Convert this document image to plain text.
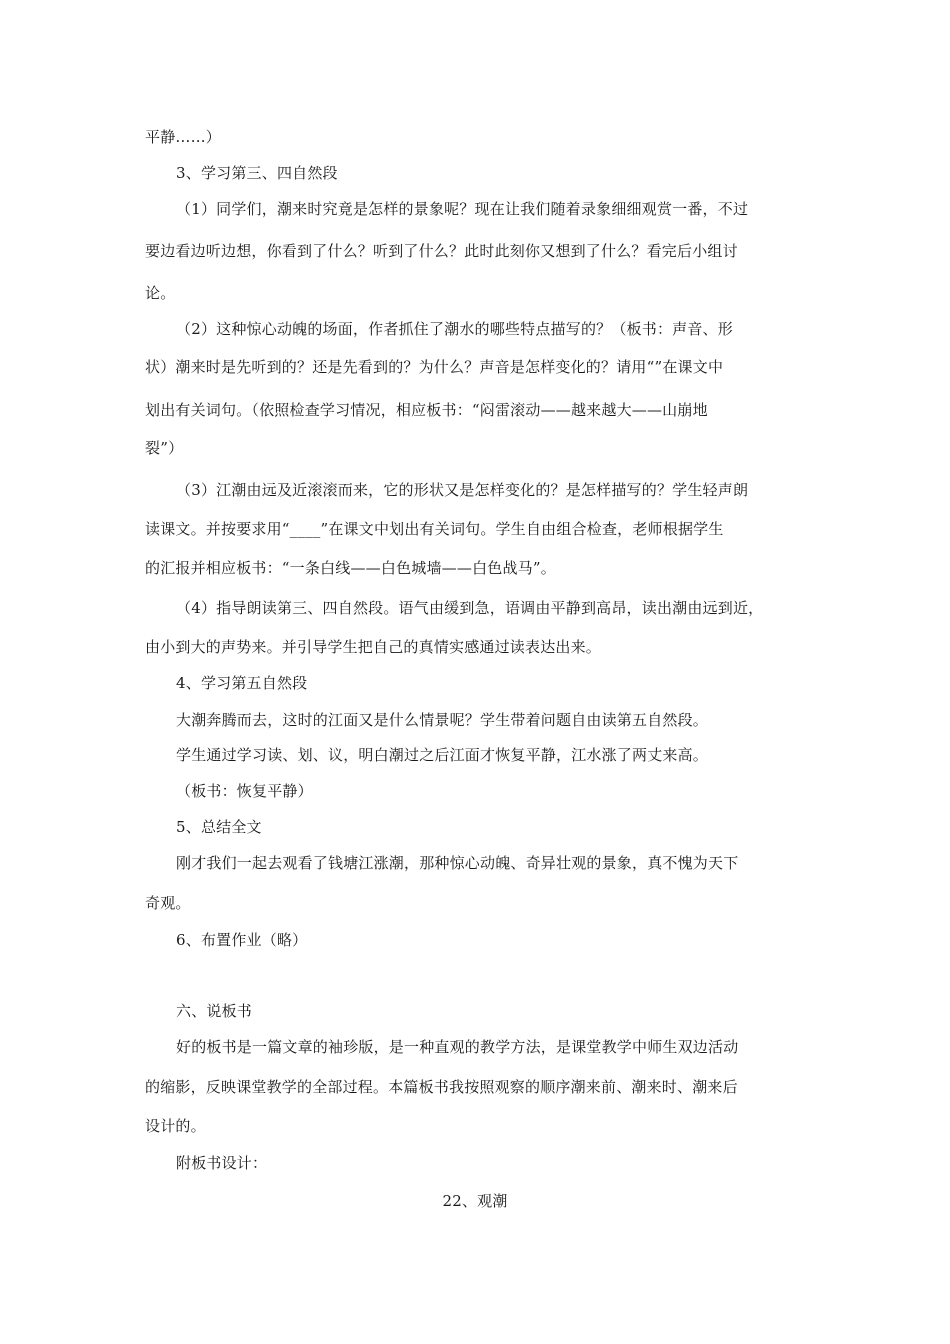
平静……）
3、学习第三、四自然段
（1）同学们，潮来时究竟是怎样的景象呢？现在让我们随着录象细细观赏一番，不过
要边看边听边想，你看到了什么？听到了什么？此时此刻你又想到了什么？看完后小组讨
论。
（2）这种惊心动魄的场面，作者抓住了潮水的哪些特点描写的？（板书：声音、形
状）潮来时是先听到的？还是先看到的？为什么？声音是怎样变化的？请用“”在课文中
划出有关词句。（依照检查学习情况，相应板书：“闷雷滚动——越来越大——山崩地
裂”）
（3）江潮由远及近滚滚而来，它的形状又是怎样变化的？是怎样描写的？学生轻声朗
读课文。并按要求用“____”在课文中划出有关词句。学生自由组合检查，老师根据学生
的汇报并相应板书：“一条白线——白色城墙——白色战马”。
（4）指导朗读第三、四自然段。语气由缓到急，语调由平静到高昂，读出潮由远到近，
由小到大的声势来。并引导学生把自己的真情实感通过读表达出来。
4、学习第五自然段
大潮奔腾而去，这时的江面又是什么情景呢？学生带着问题自由读第五自然段。
学生通过学习读、划、议，明白潮过之后江面才恢复平静，江水涨了两丈来高。
（板书：恢复平静）
5、总结全文
刚才我们一起去观看了钱塘江涨潮，那种惊心动魄、奇异壮观的景象，真不愧为天下
奇观。
6、布置作业（略）
六、说板书
好的板书是一篇文章的袖珍版，是一种直观的教学方法，是课堂教学中师生双边活动
的缩影，反映课堂教学的全部过程。本篇板书我按照观察的顺序潮来前、潮来时、潮来后
设计的。
附板书设计：
22、观潮
